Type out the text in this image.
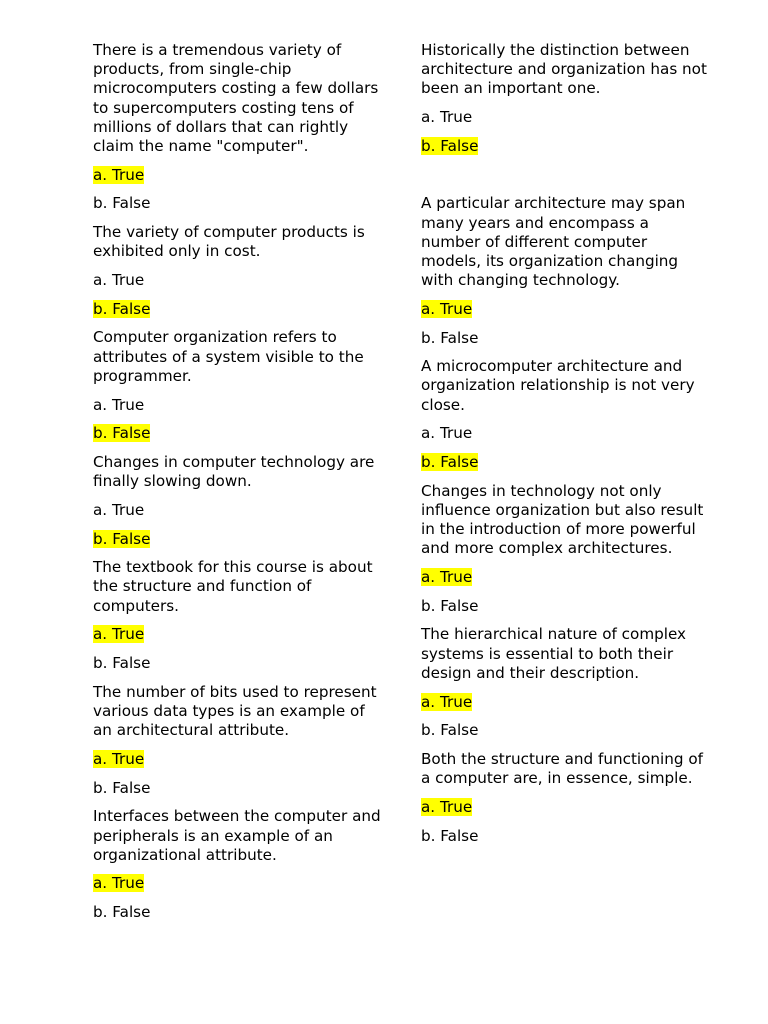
There is a tremendous variety of products, from single-chip microcomputers costing a few dollars to supercomputers costing tens of millions of dollars that can rightly claim the name "computer".

a. True

b. False

The variety of computer products is exhibited only in cost.

a. True

b. False

Computer organization refers to attributes of a system visible to the programmer.

a. True

b. False

Changes in computer technology are finally slowing down.

a. True

b. False

The textbook for this course is about the structure and function of computers.

a. True

b. False

The number of bits used to represent various data types is an example of an architectural attribute.

a. True

b. False

Interfaces between the computer and peripherals is an example of an organizational attribute.

a. True

b. False

Historically the distinction between architecture and organization has not been an important one.

a. True

b. False

A particular architecture may span many years and encompass a number of different computer models, its organization changing with changing technology.

a. True

b. False

A microcomputer architecture and organization relationship is not very close.

a. True

b. False

Changes in technology not only influence organization but also result in the introduction of more powerful and more complex architectures.

a. True

b. False

The hierarchical nature of complex systems is essential to both their design and their description.

a. True

b. False

Both the structure and functioning of a computer are, in essence, simple.

a. True

b. False
